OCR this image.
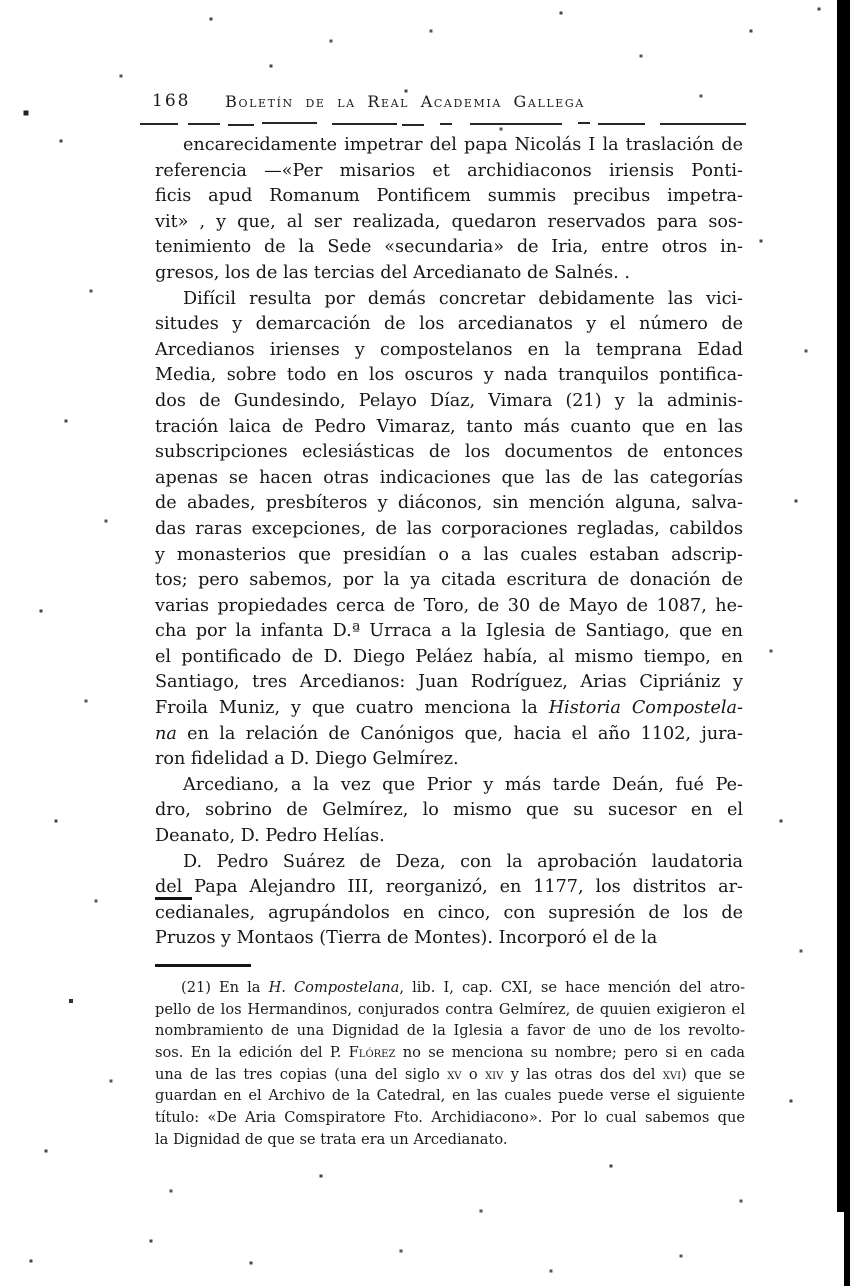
168	Boletín de la Real Academia Gallega
encarecidamente impetrar del papa Nicolás I la traslación de
referencia —«Per misarios et archidiaconos iriensis Ponti-
ficis apud Romanum Pontificem summis precibus impetra-
vit» , y que, al ser realizada, quedaron reservados para sos-
tenimiento de la Sede «secundaria» de Iria, entre otros in-
gresos, los de las tercias del Arcedianato de Salnés. .
Difícil resulta por demás concretar debidamente las vici-
situdes y demarcación de los arcedianatos y el número de
Arcedianos irienses y compostelanos en la temprana Edad
Media, sobre todo en los oscuros y nada tranquilos pontifica-
dos de Gundesindo, Pelayo Díaz, Vimara (21) y la adminis-
tración laica de Pedro Vimaraz, tanto más cuanto que en las
subscripciones eclesiásticas de los documentos de entonces
apenas se hacen otras indicaciones que las de las categorías
de abades, presbíteros y diáconos, sin mención alguna, salva-
das raras excepciones, de las corporaciones regladas, cabildos
y monasterios que presidían o a las cuales estaban adscrip-
tos; pero sabemos, por la ya citada escritura de donación de
varias propiedades cerca de Toro, de 30 de Mayo de 1087, he-
cha por la infanta D.ª Urraca a la Iglesia de Santiago, que en
el pontificado de D. Diego Peláez había, al mismo tiempo, en
Santiago, tres Arcedianos: Juan Rodríguez, Arias Cipriániz y
Froila Muniz, y que cuatro menciona la Historia Compostela-
na en la relación de Canónigos que, hacia el año 1102, jura-
ron fidelidad a D. Diego Gelmírez.
Arcediano, a la vez que Prior y más tarde Deán, fué Pe-
dro, sobrino de Gelmírez, lo mismo que su sucesor en el
Deanato, D. Pedro Helías.
D. Pedro Suárez de Deza, con la aprobación laudatoria
del Papa Alejandro III, reorganizó, en 1177, los distritos ar-
cedianales, agrupándolos en cinco, con supresión de los de
Pruzos y Montaos (Tierra de Montes). Incorporó el de la
(21) En la H. Compostelana, lib. I, cap. CXI, se hace mención del atro-
pello de los Hermandinos, conjurados contra Gelmírez, de quuien exigieron el
nombramiento de una Dignidad de la Iglesia a favor de uno de los revolto-
sos. En la edición del P. Flórez no se menciona su nombre; pero si en cada
una de las tres copias (una del siglo xv o xiv y las otras dos del xvi) que se
guardan en el Archivo de la Catedral, en las cuales puede verse el siguiente
título: «De Aria Comspiratore Fto. Archidiacono». Por lo cual sabemos que
la Dignidad de que se trata era un Arcedianato.
